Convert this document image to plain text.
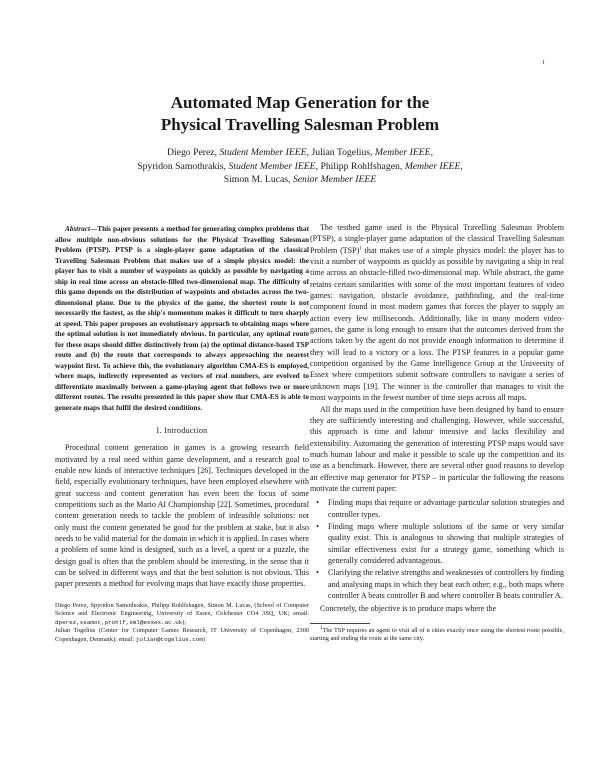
1
Automated Map Generation for the
Physical Travelling Salesman Problem
Diego Perez, Student Member IEEE, Julian Togelius, Member IEEE,
Spyridon Samothrakis, Student Member IEEE, Philipp Rohlfshagen, Member IEEE,
Simon M. Lucas, Senior Member IEEE

Abstract—This paper presents a method for generating complex problems that allow multiple non-obvious solutions for the Physical Travelling Salesman Problem (PTSP). PTSP is a single-player game adaptation of the classical Travelling Salesman Problem that makes use of a simple physics model: the player has to visit a number of waypoints as quickly as possible by navigating a ship in real time across an obstacle-filled two-dimensional map. The difficulty of this game depends on the distribution of waypoints and obstacles across the two-dimensional plane. Due to the physics of the game, the shortest route is not necessarily the fastest, as the ship's momentum makes it difficult to turn sharply at speed. This paper proposes an evolutionary approach to obtaining maps where the optimal solution is not immediately obvious. In particular, any optimal route for these maps should differ distinctively from (a) the optimal distance-based TSP route and (b) the route that corresponds to always approaching the nearest waypoint first. To achieve this, the evolutionary algorithm CMA-ES is employed, where maps, indirectly represented as vectors of real numbers, are evolved to differentiate maximally between a game-playing agent that follows two or more different routes. The results presented in this paper show that CMA-ES is able to generate maps that fulfil the desired conditions.

I. Introduction

Procedural content generation in games is a growing research field motivated by a real need within game development, and a research goal to enable new kinds of interactive techniques [26]. Techniques developed in the field, especially evolutionary techniques, have been employed elsewhere with great success and content generation has even been the focus of some competitions such as the Mario AI Championship [22]. Sometimes, procedural content generation needs to tackle the problem of infeasible solutions: not only must the content generated be good for the problem at stake, but it also needs to be valid material for the domain in which it is applied. In cases where a problem of some kind is designed, such as a level, a quest or a puzzle, the design goal is often that the problem should be interesting, in the sense that it can be solved in different ways and that the best solution is not obvious. This paper presents a method for evolving maps that have exactly those properties.

Diego Perez, Spyridon Samothrakis, Philipp Rohlfshagen, Simon M. Lucas, (School of Computer Science and Electronic Engineering, University of Essex, Colchester CO4 3SQ, UK; email: dperez,ssamot,prohlf,sml@essex.ac.uk);
Julian Togelius (Center for Computer Games Research, IT University of Copenhagen, 2300 Copenhagen, Denmark); email: julian@togelius.com)

The testbed game used is the Physical Travelling Salesman Problem (PTSP), a single-player game adaptation of the classical Travelling Salesman Problem (TSP)$^1$ that makes use of a simple physics model: the player has to visit a number of waypoints as quickly as possible by navigating a ship in real time across an obstacle-filled two-dimensional map. While abstract, the game retains certain similarities with some of the most important features of video games: navigation, obstacle avoidance, pathfinding, and the real-time component found in most modern games that forces the player to supply an action every few milliseconds. Additionally, like in many modern video-games, the game is long enough to ensure that the outcomes derived from the actions taken by the agent do not provide enough information to determine if they will lead to a victory or a loss. The PTSP features in a popular game competition organised by the Game Intelligence Group at the University of Essex where competitors submit software controllers to navigate a series of unknown maps [19]. The winner is the controller that manages to visit the most waypoints in the fewest number of time steps across all maps.

All the maps used in the competition have been designed by hand to ensure they are sufficiently interesting and challenging. However, while successful, this approach is time and labour intensive and lacks flexibility and extensibility. Automating the generation of interesting PTSP maps would save much human labour and make it possible to scale up the competition and its use as a benchmark. However, there are several other good reasons to develop an effective map generator for PTSP – in particular the following the reasons motivate the current paper:

• Finding maps that require or advantage particular solution strategies and controller types.
• Finding maps where multiple solutions of the same or very similar quality exist. This is analogous to showing that multiple strategies of similar effectiveness exist for a strategy game, something which is generally considered advantageous.
• Clarifying the relative strengths and weaknesses of controllers by finding and analysing maps in which they beat each other; e.g., both maps where controller A beats controller B and where controller B beats controller A.

Concretely, the objective is to produce maps where the

$^1$The TSP requires an agent to visit all of n cities exactly once using the shortest route possible, starting and ending the route at the same city.
